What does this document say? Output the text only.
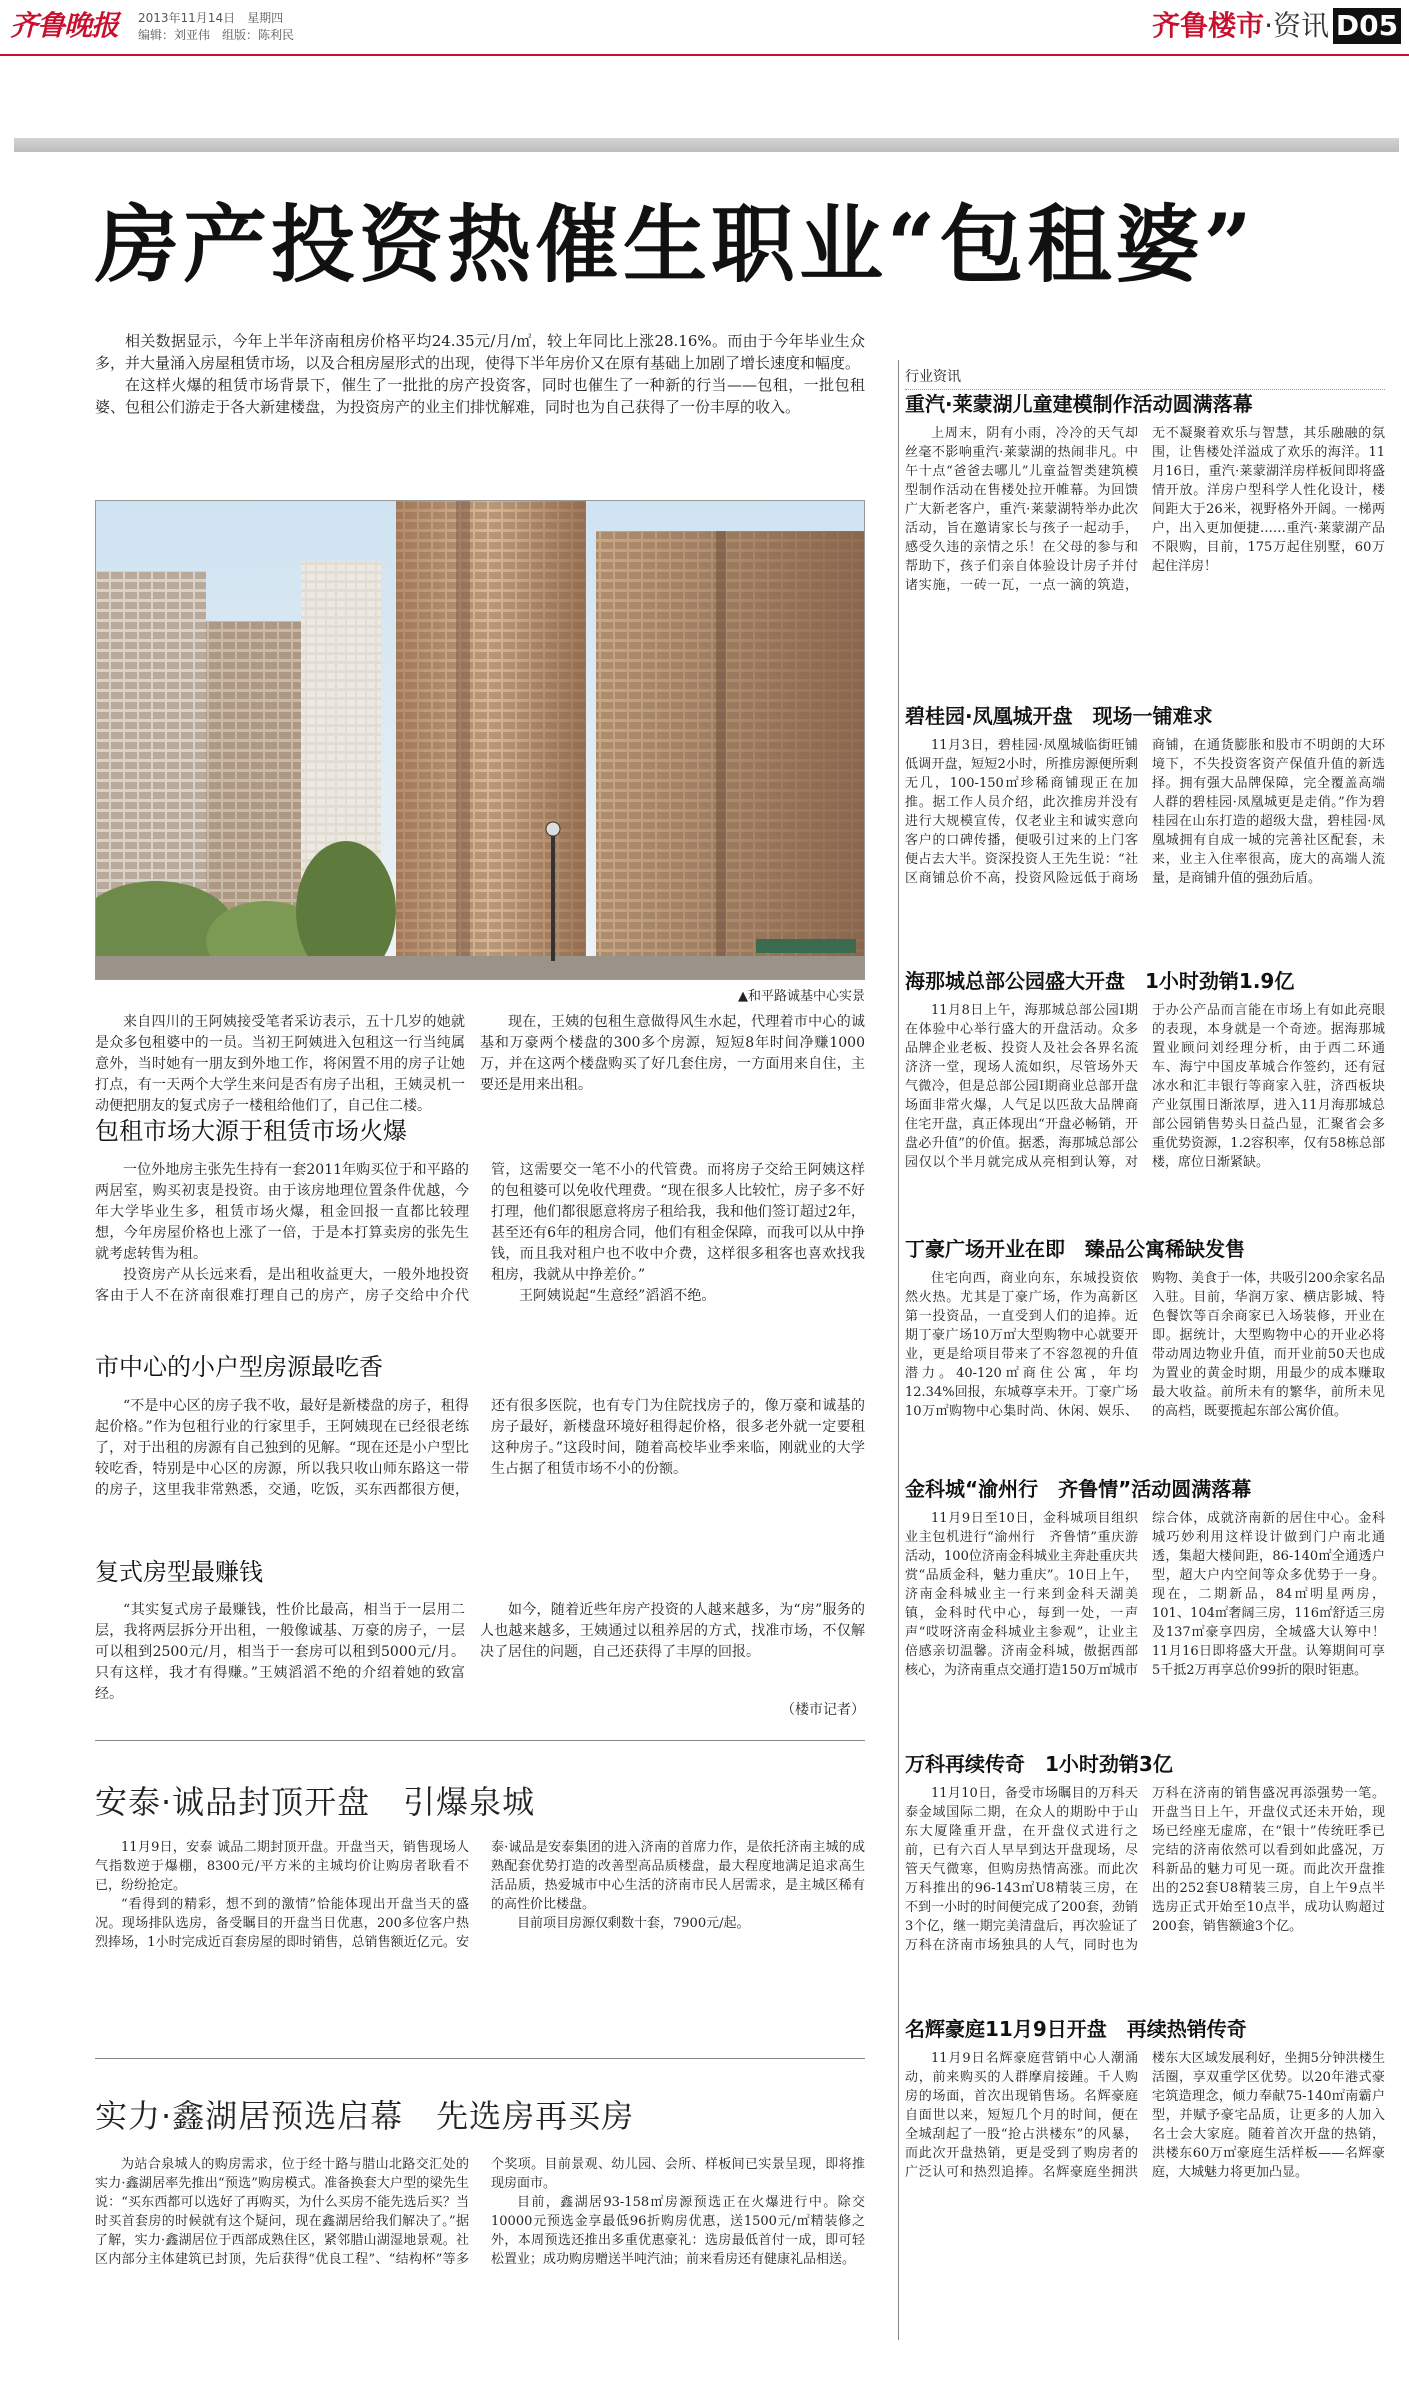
齐鲁晚报	2013年11月14日 星期四
编辑：刘亚伟 组版：陈利民	齐鲁楼市·资讯 D05
房产投资热催生职业“包租婆”

相关数据显示，今年上半年济南租房价格平均24.35元/月/㎡，较上年同比上涨28.16%。而由于今年毕业生众多，并大量涌入房屋租赁市场，以及合租房屋形式的出现，使得下半年房价又在原有基础上加剧了增长速度和幅度。

在这样火爆的租赁市场背景下，催生了一批批的房产投资客，同时也催生了一种新的行当——包租，一批包租婆、包租公们游走于各大新建楼盘，为投资房产的业主们排忧解难，同时也为自己获得了一份丰厚的收入。

▲和平路诚基中心实景

来自四川的王阿姨接受笔者采访表示，五十几岁的她就是众多包租婆中的一员。当初王阿姨进入包租这一行当纯属意外，当时她有一朋友到外地工作，将闲置不用的房子让她打点，有一天两个大学生来问是否有房子出租，王姨灵机一动便把朋友的复式房子一楼租给他们了，自己住二楼。

现在，王姨的包租生意做得风生水起，代理着市中心的诚基和万豪两个楼盘的300多个房源，短短8年时间净赚1000万，并在这两个楼盘购买了好几套住房，一方面用来自住，主要还是用来出租。

包租市场大源于租赁市场火爆

一位外地房主张先生持有一套2011年购买位于和平路的两居室，购买初衷是投资。由于该房地理位置条件优越，今年大学毕业生多，租赁市场火爆，租金回报一直都比较理想，今年房屋价格也上涨了一倍，于是本打算卖房的张先生就考虑转售为租。

投资房产从长远来看，是出租收益更大，一般外地投资客由于人不在济南很难打理自己的房产，房子交给中介代管，这需要交一笔不小的代管费。而将房子交给王阿姨这样的包租婆可以免收代理费。“现在很多人比较忙，房子多不好打理，他们都很愿意将房子租给我，我和他们签订超过2年，甚至还有6年的租房合同，他们有租金保障，而我可以从中挣钱，而且我对租户也不收中介费，这样很多租客也喜欢找我租房，我就从中挣差价。”

王阿姨说起“生意经”滔滔不绝。

市中心的小户型房源最吃香

“不是中心区的房子我不收，最好是新楼盘的房子，租得起价格。”作为包租行业的行家里手，王阿姨现在已经很老练了，对于出租的房源有自己独到的见解。“现在还是小户型比较吃香，特别是中心区的房源，所以我只收山师东路这一带的房子，这里我非常熟悉，交通，吃饭，买东西都很方便，还有很多医院，也有专门为住院找房子的，像万豪和诚基的房子最好，新楼盘环境好租得起价格，很多老外就一定要租这种房子。”这段时间，随着高校毕业季来临，刚就业的大学生占据了租赁市场不小的份额。

复式房型最赚钱

“其实复式房子最赚钱，性价比最高，相当于一层用二层，我将两层拆分开出租，一般像诚基、万豪的房子，一层可以租到2500元/月，相当于一套房可以租到5000元/月。只有这样，我才有得赚。”王姨滔滔不绝的介绍着她的致富经。

如今，随着近些年房产投资的人越来越多，为“房”服务的人也越来越多，王姨通过以租养居的方式，找准市场，不仅解决了居住的问题，自己还获得了丰厚的回报。

（楼市记者）
安泰·诚品封顶开盘　引爆泉城

11月9日，安泰 诚品二期封顶开盘。开盘当天，销售现场人气指数逆于爆棚，8300元/平方米的主城均价让购房者耿看不已，纷纷抢定。

“看得到的精彩，想不到的激情”恰能体现出开盘当天的盛况。现场排队选房，备受瞩目的开盘当日优惠，200多位客户热烈捧场，1小时完成近百套房屋的即时销售，总销售额近亿元。安泰·诚品是安泰集团的进入济南的首席力作，是依托济南主城的成熟配套优势打造的改善型高品质楼盘，最大程度地满足追求高生活品质，热爱城市中心生活的济南市民人居需求，是主城区稀有的高性价比楼盘。

目前项目房源仅剩数十套，7900元/起。

实力·鑫湖居预选启幕　先选房再买房

为站合泉城人的购房需求，位于经十路与腊山北路交汇处的实力·鑫湖居率先推出“预选”购房模式。准备换套大户型的梁先生说：“买东西都可以选好了再购买，为什么买房不能先选后买？当时买首套房的时候就有这个疑问，现在鑫湖居给我们解决了。”据了解，实力·鑫湖居位于西部成熟住区，紧邻腊山湖湿地景观。社区内部分主体建筑已封顶，先后获得“优良工程”、“结构杯”等多个奖项。目前景观、幼儿园、会所、样板间已实景呈现，即将推现房面市。

目前，鑫湖居93-158㎡房源预选正在火爆进行中。除交10000元预选金享最低96折购房优惠，送1500元/㎡精装修之外，本周预选还推出多重优惠豪礼：选房最低首付一成，即可轻松置业；成功购房赠送半吨汽油；前来看房还有健康礼品相送。

行业资讯
重汽·莱蒙湖儿童建模制作活动圆满落幕

上周末，阴有小雨，冷冷的天气却丝毫不影响重汽·莱蒙湖的热闹非凡。中午十点“爸爸去哪儿”儿童益智类建筑模型制作活动在售楼处拉开帷幕。为回馈广大新老客户，重汽·莱蒙湖特举办此次活动，旨在邀请家长与孩子一起动手，感受久违的亲情之乐！在父母的参与和帮助下，孩子们亲自体验设计房子并付诸实施，一砖一瓦，一点一滴的筑造，无不凝聚着欢乐与智慧，其乐融融的氛围，让售楼处洋溢成了欢乐的海洋。11月16日，重汽·莱蒙湖洋房样板间即将盛情开放。洋房户型科学人性化设计，楼间距大于26米，视野格外开阔。一梯两户，出入更加便捷……重汽·莱蒙湖产品不限购，目前，175万起住别墅，60万起住洋房！

碧桂园·凤凰城开盘　现场一铺难求

11月3日，碧桂园·凤凰城临街旺铺低调开盘，短短2小时，所推房源便所剩无几，100-150㎡珍稀商铺现正在加推。据工作人员介绍，此次推房并没有进行大规模宣传，仅老业主和诚实意向客户的口碑传播，便吸引过来的上门客便占去大半。资深投资人王先生说：“社区商铺总价不高，投资风险远低于商场商铺，在通货膨胀和股市不明朗的大环境下，不失投资客资产保值升值的新选择。拥有强大品牌保障，完全覆盖高端人群的碧桂园·凤凰城更是走俏。”作为碧桂园在山东打造的超级大盘，碧桂园·凤凰城拥有自成一城的完善社区配套，未来，业主入住率很高，庞大的高端人流量，是商铺升值的强劲后盾。

海那城总部公园盛大开盘　1小时劲销1.9亿

11月8日上午，海那城总部公园Ⅰ期在体验中心举行盛大的开盘活动。众多品牌企业老板、投资人及社会各界名流济济一堂，现场人流如织，尽管场外天气微冷，但是总部公园Ⅰ期商业总部开盘场面非常火爆，人气足以匹敌大品牌商住宅开盘，真正体现出“开盘必畅销，开盘必升值”的价值。据悉，海那城总部公园仅以个半月就完成从亮相到认筹，对于办公产品而言能在市场上有如此亮眼的表现，本身就是一个奇迹。据海那城置业顾问刘经理分析，由于西二环通车、海宁中国皮革城合作签约，还有冠冰水和汇丰银行等商家入驻，济西板块产业氛围日渐浓厚，进入11月海那城总部公园销售势头日益凸显，汇聚省会多重优势资源，1.2容积率，仅有58栋总部楼，席位日渐紧缺。

丁豪广场开业在即　臻品公寓稀缺发售

住宅向西，商业向东，东城投资依然火热。尤其是丁豪广场，作为高新区第一投资品，一直受到人们的追捧。近期丁豪广场10万㎡大型购物中心就要开业，更是给项目带来了不容忽视的升值潜力。40-120㎡商住公寓，年均12.34%回报，东城尊享未开。丁豪广场10万㎡购物中心集时尚、休闲、娱乐、购物、美食于一体，共吸引200余家名品入驻。目前，华润万家、横店影城、特色餐饮等百余商家已入场装修，开业在即。据统计，大型购物中心的开业必将带动周边物业升值，而开业前50天也成为置业的黄金时期，用最少的成本赚取最大收益。前所未有的繁华，前所未见的高档，既要揽起东部公寓价值。

金科城“渝州行　齐鲁情”活动圆满落幕

11月9日至10日，金科城项目组织业主包机进行“渝州行　齐鲁情”重庆游活动，100位济南金科城业主奔赴重庆共赏“品质金科，魅力重庆”。10日上午，济南金科城业主一行来到金科天湖美镇，金科时代中心，每到一处，一声声“哎呀济南金科城业主参观”，让业主倍感亲切温馨。济南金科城，傲据西部核心，为济南重点交通打造150万㎡城市综合体，成就济南新的居住中心。金科城巧妙利用这样设计做到门户南北通透，集超大楼间距，86-140㎡全通透户型，超大户内空间等众多优势于一身。现在，二期新品，84㎡明星两房，101、104㎡奢阔三房，116㎡舒适三房及137㎡豪享四房，全城盛大认筹中！11月16日即将盛大开盘。认筹期间可享5千抵2万再享总价99折的限时钜惠。

万科再续传奇　1小时劲销3亿

11月10日，备受市场瞩目的万科天泰金域国际二期，在众人的期盼中于山东大厦隆重开盘，在开盘仪式进行之前，已有六百人早早到达开盘现场，尽管天气微寒，但购房热情高涨。而此次万科推出的96-143㎡U8精装三房，在不到一小时的时间便完成了200套，劲销3个亿，继一期完美清盘后，再次验证了万科在济南市场独具的人气，同时也为万科在济南的销售盛况再添强势一笔。开盘当日上午，开盘仪式还未开始，现场已经座无虚席，在“银十”传统旺季已完结的济南依然可以看到如此盛况，万科新品的魅力可见一斑。而此次开盘推出的252套U8精装三房，自上午9点半选房正式开始至10点半，成功认购超过200套，销售额逾3个亿。

名辉豪庭11月9日开盘　再续热销传奇

11月9日名辉豪庭营销中心人潮涌动，前来购买的人群摩肩接踵。千人购房的场面，首次出现销售场。名辉豪庭自面世以来，短短几个月的时间，便在全城刮起了一股“抢占洪楼东”的风暴，而此次开盘热销，更是受到了购房者的广泛认可和热烈追捧。名辉豪庭坐拥洪楼东大区域发展利好，坐拥5分钟洪楼生活圈，享双重学区优势。以20年港式豪宅筑造理念，倾力奉献75-140㎡南霸户型，并赋予豪宅品质，让更多的人加入名士会大家庭。随着首次开盘的热销，洪楼东60万㎡豪庭生活样板——名辉豪庭，大城魅力将更加凸显。
